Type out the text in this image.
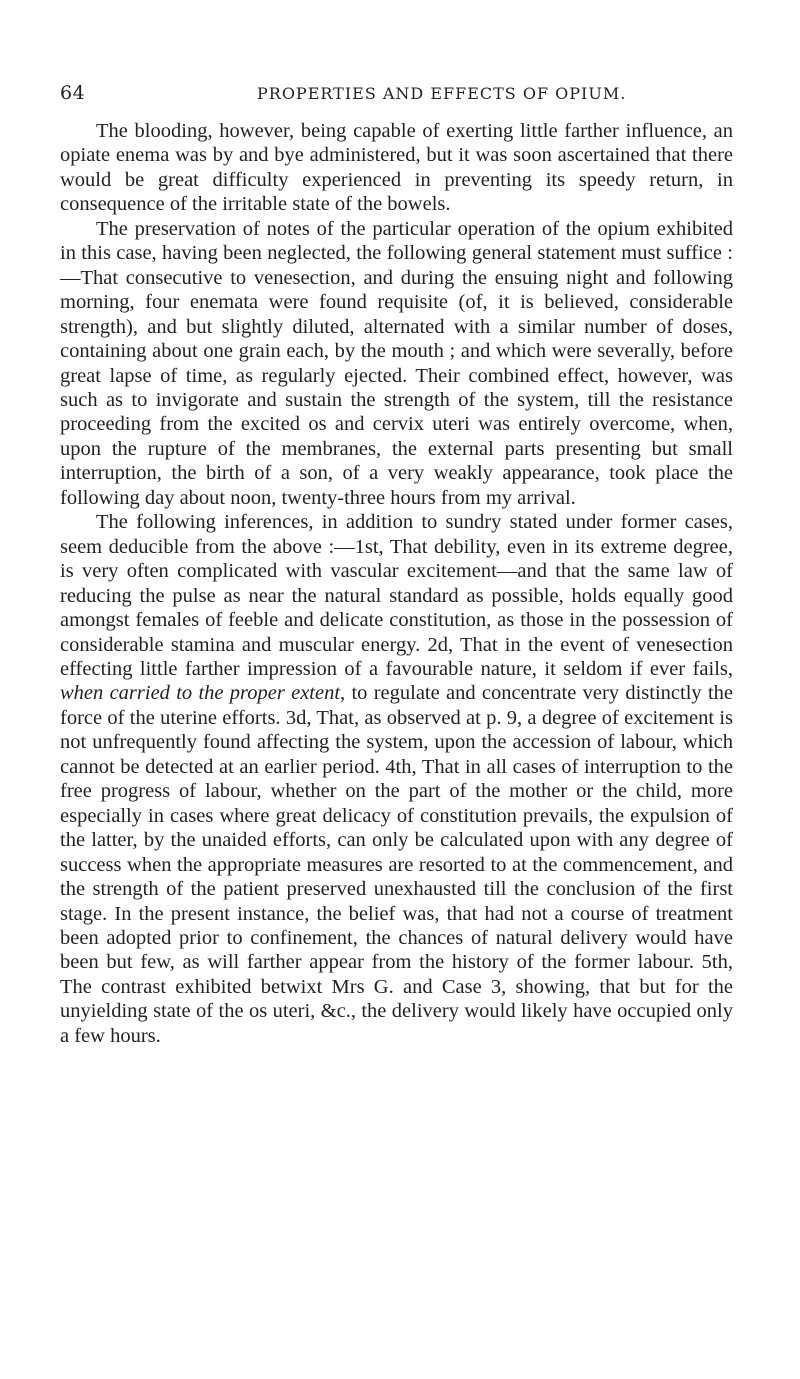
64	PROPERTIES AND EFFECTS OF OPIUM.

The blooding, however, being capable of exerting little farther influence, an opiate enema was by and bye administered, but it was soon ascertained that there would be great difficulty experienced in preventing its speedy return, in consequence of the irritable state of the bowels.

The preservation of notes of the particular operation of the opium exhibited in this case, having been neglected, the following general statement must suffice :—That consecutive to venesection, and during the ensuing night and following morning, four enemata were found requisite (of, it is believed, considerable strength), and but slightly diluted, alternated with a similar number of doses, containing about one grain each, by the mouth ; and which were severally, before great lapse of time, as regularly ejected. Their combined effect, however, was such as to invigorate and sustain the strength of the system, till the resistance proceeding from the excited os and cervix uteri was entirely overcome, when, upon the rupture of the membranes, the external parts presenting but small interruption, the birth of a son, of a very weakly appearance, took place the following day about noon, twenty-three hours from my arrival.

The following inferences, in addition to sundry stated under former cases, seem deducible from the above :—1st, That debility, even in its extreme degree, is very often complicated with vascular excitement—and that the same law of reducing the pulse as near the natural standard as possible, holds equally good amongst females of feeble and delicate constitution, as those in the possession of considerable stamina and muscular energy. 2d, That in the event of venesection effecting little farther impression of a favourable nature, it seldom if ever fails, when carried to the proper extent, to regulate and concentrate very distinctly the force of the uterine efforts. 3d, That, as observed at p. 9, a degree of excitement is not unfrequently found affecting the system, upon the accession of labour, which cannot be detected at an earlier period. 4th, That in all cases of interruption to the free progress of labour, whether on the part of the mother or the child, more especially in cases where great delicacy of constitution prevails, the expulsion of the latter, by the unaided efforts, can only be calculated upon with any degree of success when the appropriate measures are resorted to at the commencement, and the strength of the patient preserved unexhausted till the conclusion of the first stage. In the present instance, the belief was, that had not a course of treatment been adopted prior to confinement, the chances of natural delivery would have been but few, as will farther appear from the history of the former labour. 5th, The contrast exhibited betwixt Mrs G. and Case 3, showing, that but for the unyielding state of the os uteri, &c., the delivery would likely have occupied only a few hours.
